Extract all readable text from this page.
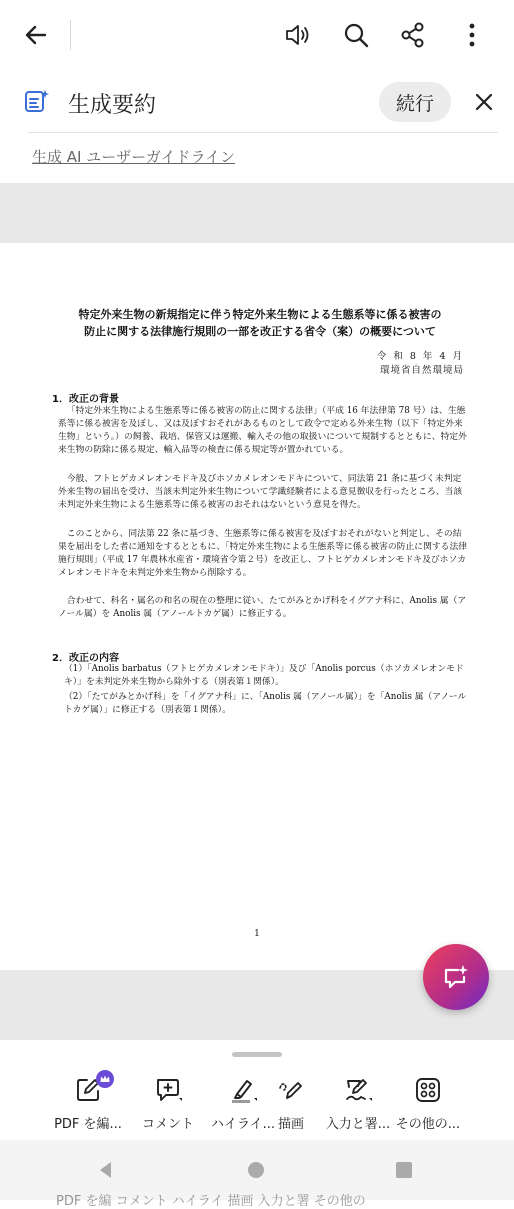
生成要約	続行
生成 AI ユーザーガイドライン
特定外来生物の新規指定に伴う特定外来生物による生態系等に係る被害の
防止に関する法律施行規則の一部を改正する省令（案）の概要について
令 和 8 年 4 月
環境省自然環境局
1．改正の背景
「特定外来生物による生態系等に係る被害の防止に関する法律」（平成 16 年法律第 78 号）は、生態系等に係る被害を及ぼし、又は及ぼすおそれがあるものとして政令で定める外来生物（以下「特定外来生物」という。）の飼養、栽培、保管又は運搬、輸入その他の取扱いについて規制するとともに、特定外来生物の防除に係る規定、輸入品等の検査に係る規定等が置かれている。
今般、フトヒゲカメレオンモドキ及びホソカメレオンモドキについて、同法第 21 条に基づく未判定外来生物の届出を受け、当該未判定外来生物について学識経験者による意見徴収を行ったところ、当該未判定外来生物による生態系等に係る被害のおそれはないという意見を得た。
このことから、同法第 22 条に基づき、生態系等に係る被害を及ぼすおそれがないと判定し、その結果を届出をした者に通知をするとともに、「特定外来生物による生態系等に係る被害の防止に関する法律施行規則」（平成 17 年農林水産省・環境省令第２号）を改正し、フトヒゲカメレオンモドキ及びホソカメレオンモドキを未判定外来生物から削除する。
合わせて、科名・属名の和名の現在の整理に従い、たてがみとかげ科をイグアナ科に、Anolis 属（アノール属）を Anolis 属（アノールトカゲ属）に修正する。
2．改正の内容
（1）「Anolis barbatus（フトヒゲカメレオンモドキ）」及び「Anolis porcus（ホソカメレオンモドキ）」を未判定外来生物から除外する（別表第１関係）。
（2）「たてがみとかげ科」を「イグアナ科」に、「Anolis 属（アノール属）」を「Anolis 属（アノールトカゲ属）」に修正する（別表第１関係）。
1
PDF を編...	コメント	ハイライ... 描画	入力と署... その他の...
PDF を編 コメント ハイライ 描画 入力と署 その他の
